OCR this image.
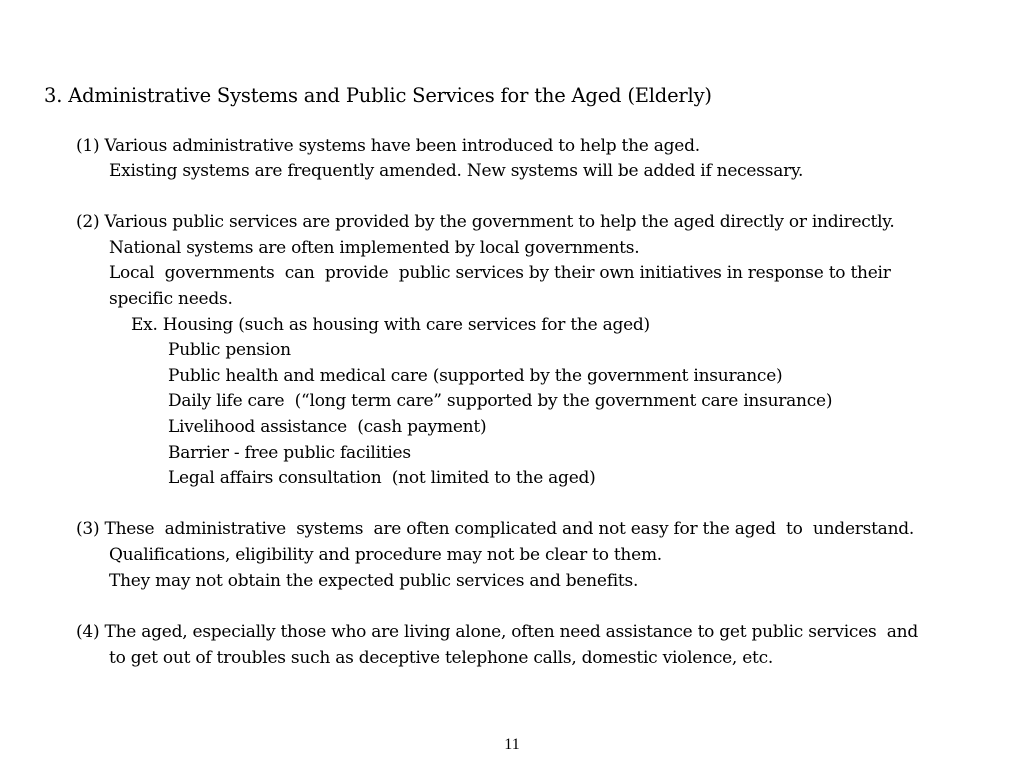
3. Administrative Systems and Public Services for the Aged (Elderly)
(1) Various administrative systems have been introduced to help the aged.
Existing systems are frequently amended. New systems will be added if necessary.
(2) Various public services are provided by the government to help the aged directly or indirectly.
National systems are often implemented by local governments.
Local  governments  can  provide  public services by their own initiatives in response to their
specific needs.
Ex. Housing (such as housing with care services for the aged)
Public pension
Public health and medical care (supported by the government insurance)
Daily life care  (“long term care” supported by the government care insurance)
Livelihood assistance  (cash payment)
Barrier - free public facilities
Legal affairs consultation  (not limited to the aged)
(3) These  administrative  systems  are often complicated and not easy for the aged  to  understand.
Qualifications, eligibility and procedure may not be clear to them.
They may not obtain the expected public services and benefits.
(4) The aged, especially those who are living alone, often need assistance to get public services  and
to get out of troubles such as deceptive telephone calls, domestic violence, etc.
11
